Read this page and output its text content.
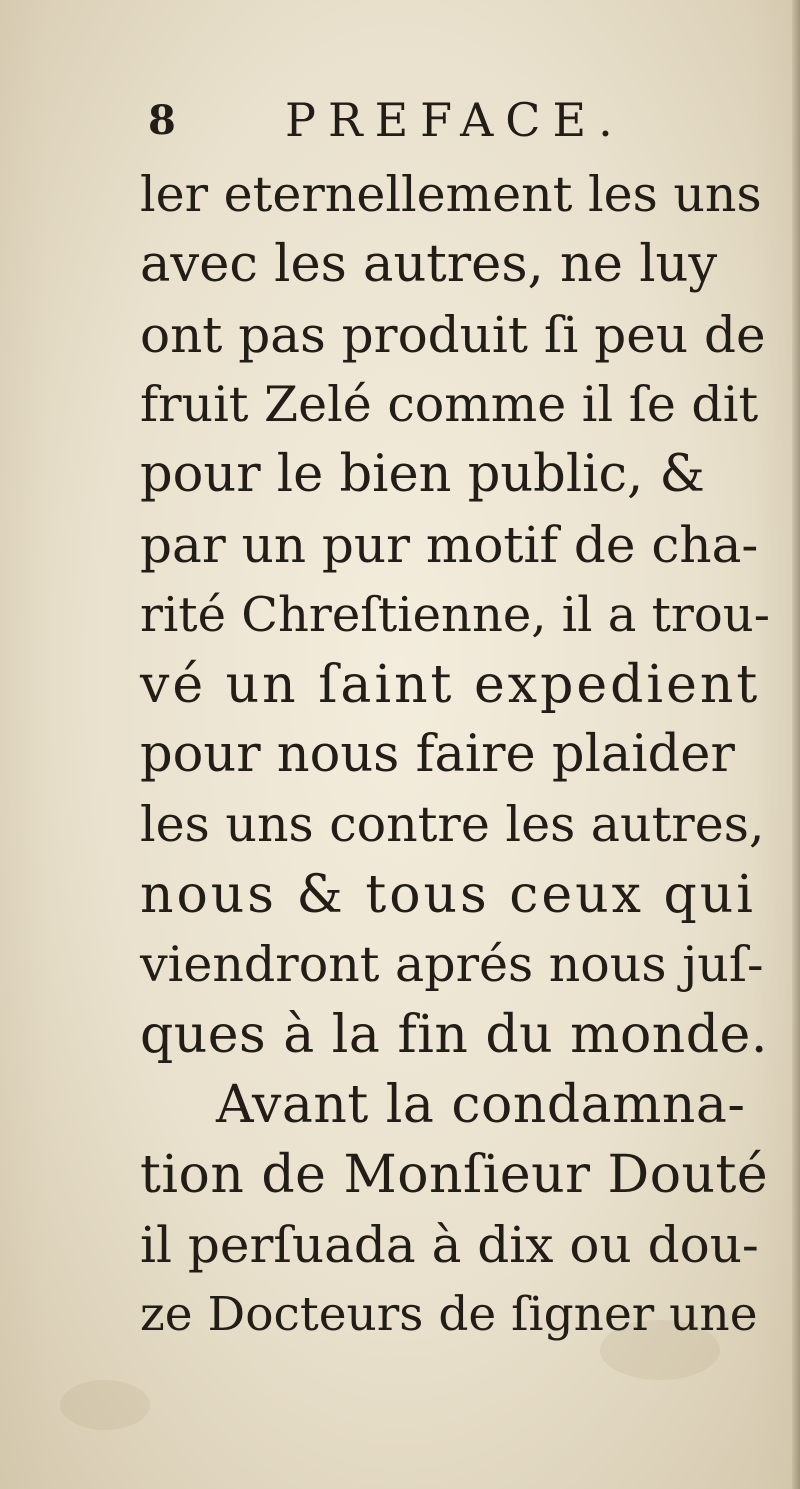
8 PREFACE.
ler eternellement les uns
avec les autres, ne luy
ont pas produit ſi peu de
fruit Zelé comme il ſe dit
pour le bien public, &
par un pur motif de cha-
rité Chreſtienne, il a trou-
vé un ſaint expedient
pour nous faire plaider
les uns contre les autres,
nous & tous ceux qui
viendront aprés nous juſ-
ques à la fin du monde.
Avant la condamna-
tion de Monſieur Douté
il perſuada à dix ou dou-
ze Docteurs de ſigner une
